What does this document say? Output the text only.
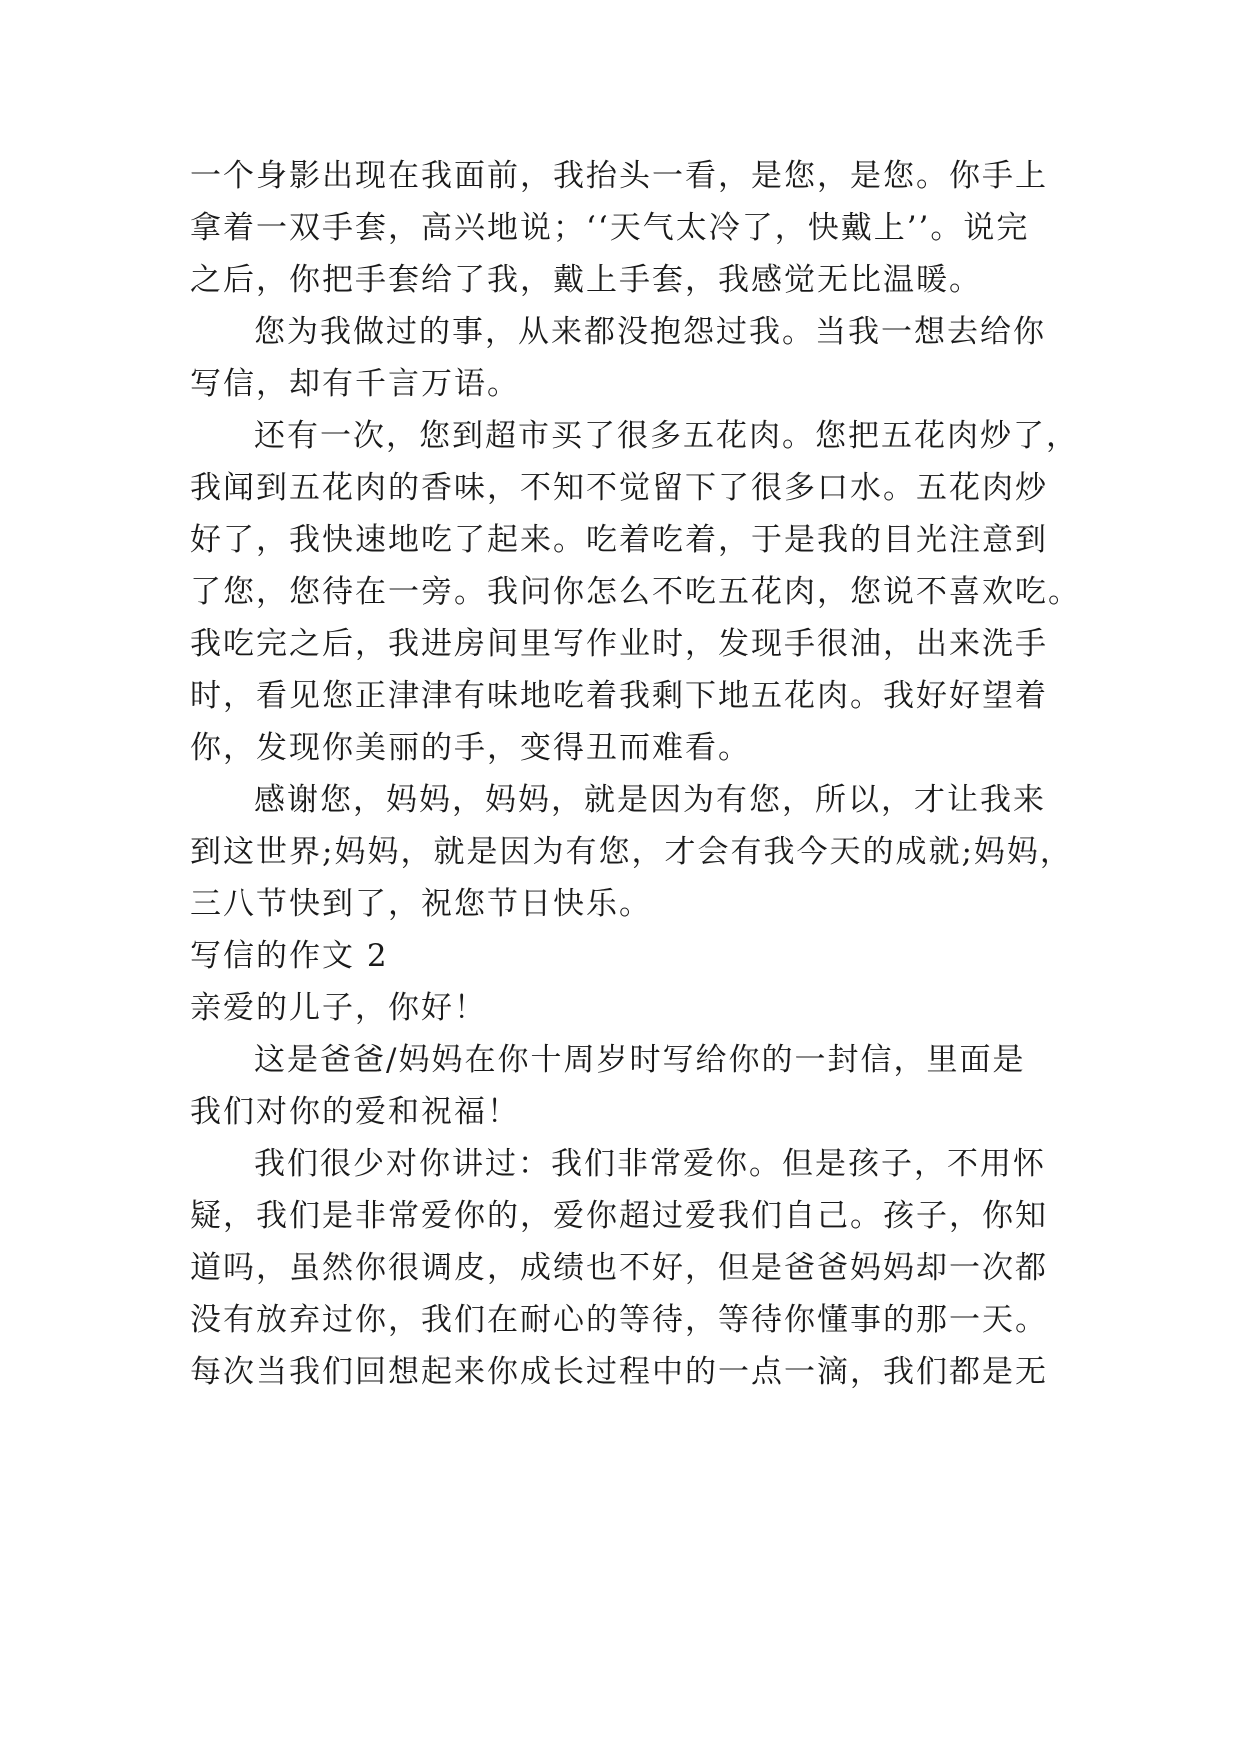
一个身影出现在我面前，我抬头一看，是您，是您。你手上
拿着一双手套，高兴地说；‘‘天气太冷了，快戴上’’。说完
之后，你把手套给了我，戴上手套，我感觉无比温暖。
您为我做过的事，从来都没抱怨过我。当我一想去给你
写信，却有千言万语。
还有一次，您到超市买了很多五花肉。您把五花肉炒了，
我闻到五花肉的香味，不知不觉留下了很多口水。五花肉炒
好了，我快速地吃了起来。吃着吃着，于是我的目光注意到
了您，您待在一旁。我问你怎么不吃五花肉，您说不喜欢吃。
我吃完之后，我进房间里写作业时，发现手很油，出来洗手
时，看见您正津津有味地吃着我剩下地五花肉。我好好望着
你，发现你美丽的手，变得丑而难看。
感谢您，妈妈，妈妈，就是因为有您，所以，才让我来
到这世界;妈妈，就是因为有您，才会有我今天的成就;妈妈，
三八节快到了，祝您节日快乐。
写信的作文 2
亲爱的儿子，你好！
这是爸爸/妈妈在你十周岁时写给你的一封信，里面是
我们对你的爱和祝福！
我们很少对你讲过：我们非常爱你。但是孩子，不用怀
疑，我们是非常爱你的，爱你超过爱我们自己。孩子，你知
道吗，虽然你很调皮，成绩也不好，但是爸爸妈妈却一次都
没有放弃过你，我们在耐心的等待，等待你懂事的那一天。
每次当我们回想起来你成长过程中的一点一滴，我们都是无
